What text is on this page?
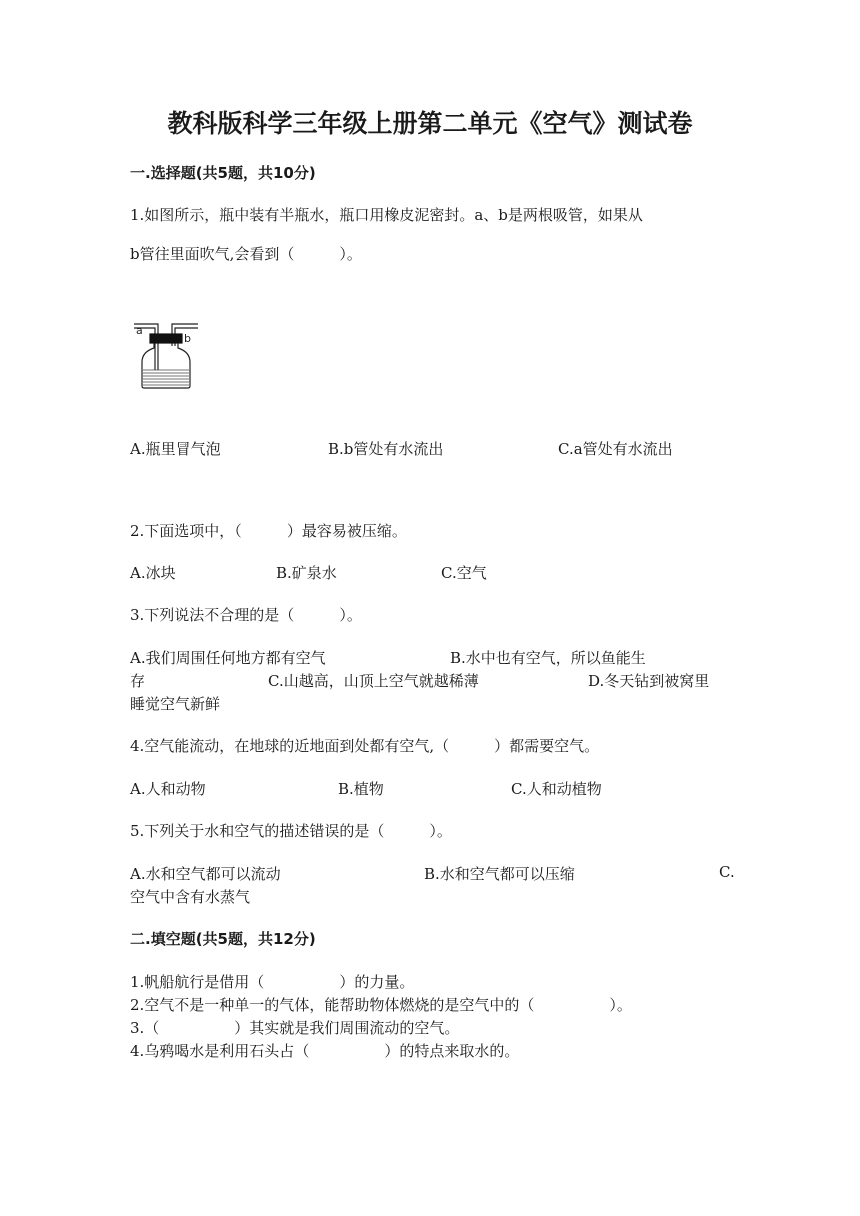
教科版科学三年级上册第二单元《空气》测试卷
一.选择题(共5题，共10分)
1.如图所示，瓶中装有半瓶水，瓶口用橡皮泥密封。a、b是两根吸管，如果从
b管往里面吹气,会看到（　　　）。
a
b
A.瓶里冒气泡	B.b管处有水流出	C.a管处有水流出
2.下面选项中，（　　　）最容易被压缩。
A.冰块	B.矿泉水	C.空气
3.下列说法不合理的是（　　　）。
A.我们周围任何地方都有空气	B.水中也有空气，所以鱼能生
存	C.山越高，山顶上空气就越稀薄	D.冬天钻到被窝里
睡觉空气新鲜
4.空气能流动，在地球的近地面到处都有空气,（　　　）都需要空气。
A.人和动物	B.植物	C.人和动植物
5.下列关于水和空气的描述错误的是（　　　）。
A.水和空气都可以流动	B.水和空气都可以压缩	C.
空气中含有水蒸气
二.填空题(共5题，共12分)
1.帆船航行是借用（　　　　　）的力量。
2.空气不是一种单一的气体，能帮助物体燃烧的是空气中的（　　　　　）。
3.（　　　　　）其实就是我们周围流动的空气。
4.乌鸦喝水是利用石头占（　　　　　）的特点来取水的。
